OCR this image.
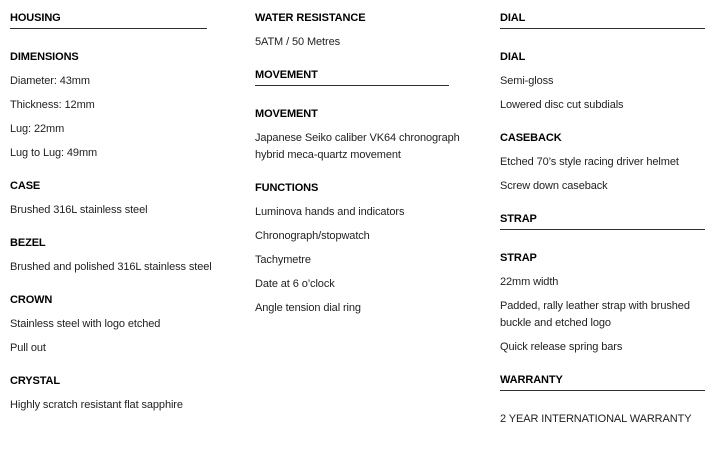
HOUSING
DIMENSIONS

Diameter: 43mm

Thickness: 12mm

Lug: 22mm

Lug to Lug: 49mm

CASE

Brushed 316L stainless steel

BEZEL

Brushed and polished 316L stainless steel

CROWN

Stainless steel with logo etched

Pull out

CRYSTAL

Highly scratch resistant flat sapphire

WATER RESISTANCE

5ATM / 50 Metres

MOVEMENT
MOVEMENT

Japanese Seiko caliber VK64 chronograph hybrid meca-quartz movement

FUNCTIONS

Luminova hands and indicators

Chronograph/stopwatch

Tachymetre

Date at 6 o’clock

Angle tension dial ring

DIAL
DIAL

Semi-gloss

Lowered disc cut subdials

CASEBACK

Etched 70’s style racing driver helmet

Screw down caseback

STRAP
STRAP

22mm width

Padded, rally leather strap with brushed buckle and etched logo

Quick release spring bars

WARRANTY

2 YEAR INTERNATIONAL WARRANTY
